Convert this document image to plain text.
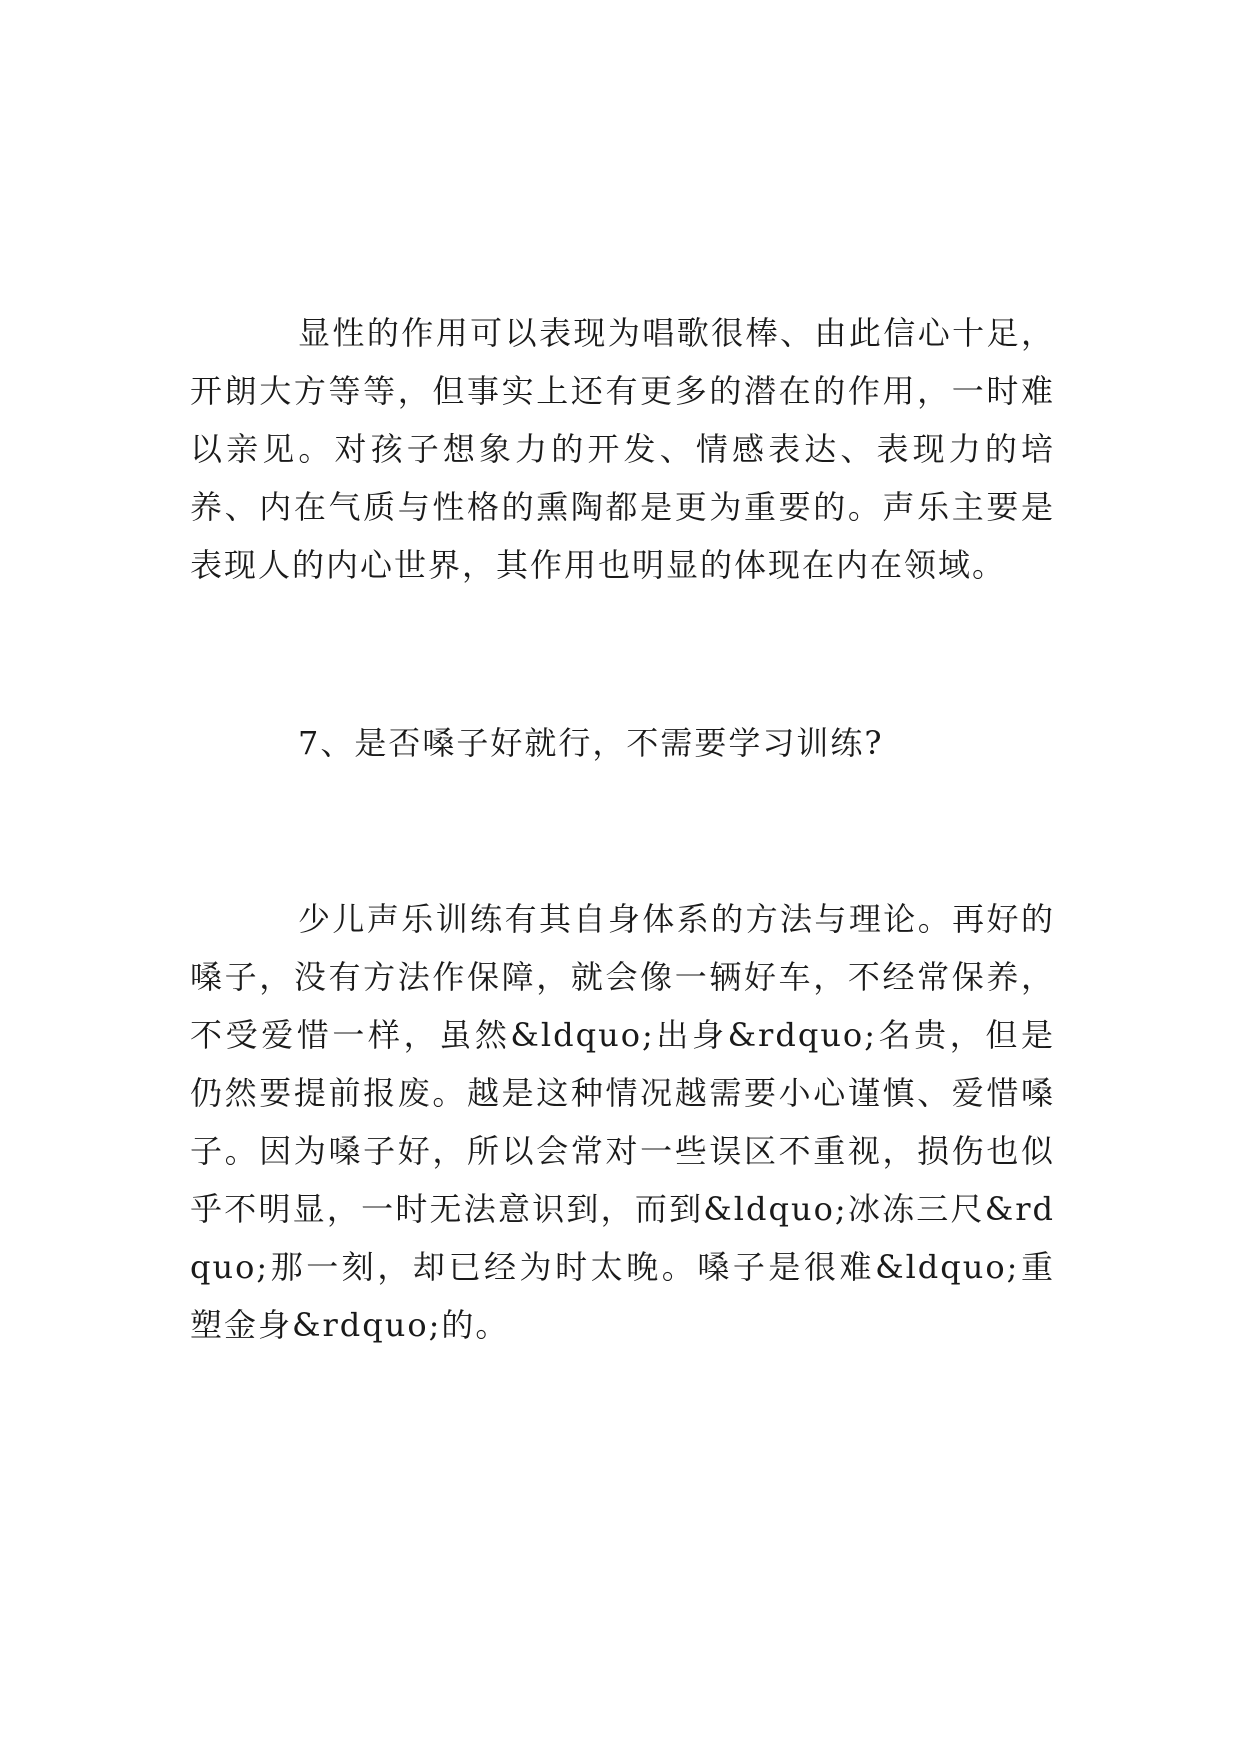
显性的作用可以表现为唱歌很棒、由此信心十足，开朗大方等等，但事实上还有更多的潜在的作用，一时难以亲见。对孩子想象力的开发、情感表达、表现力的培养、内在气质与性格的熏陶都是更为重要的。声乐主要是表现人的内心世界，其作用也明显的体现在内在领域。

7、是否嗓子好就行，不需要学习训练?

少儿声乐训练有其自身体系的方法与理论。再好的嗓子，没有方法作保障，就会像一辆好车，不经常保养，不受爱惜一样，虽然&ldquo;出身&rdquo;名贵，但是仍然要提前报废。越是这种情况越需要小心谨慎、爱惜嗓子。因为嗓子好，所以会常对一些误区不重视，损伤也似乎不明显，一时无法意识到，而到&ldquo;冰冻三尺&rdquo;那一刻，却已经为时太晚。嗓子是很难&ldquo;重塑金身&rdquo;的。
